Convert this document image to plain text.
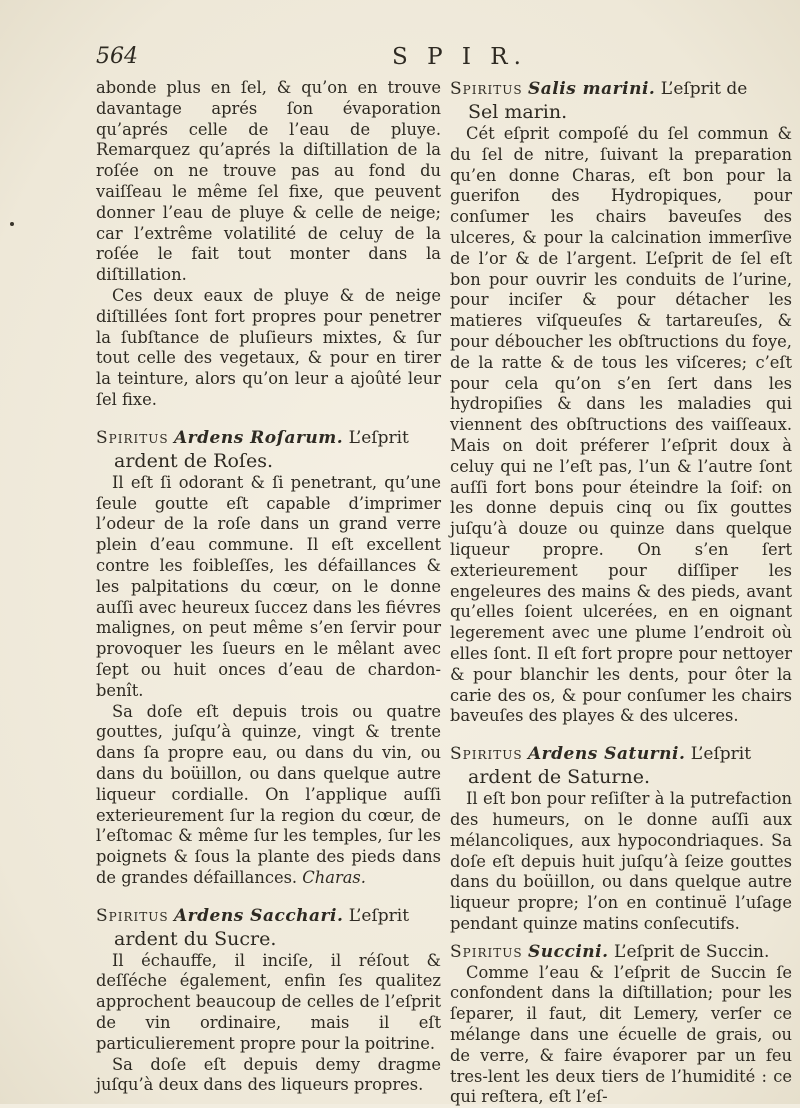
564	S P I R.

abonde plus en ſel, & qu’on en trouve davantage aprés ſon évaporation qu’aprés celle de l’eau de pluye. Remarquez qu’aprés la diſtillation de la roſée on ne trouve pas au fond du vaiſſeau le même ſel fixe, que peuvent donner l’eau de pluye & celle de neige; car l’extrême volatilité de celuy de la roſée le fait tout monter dans la diſtillation.

Ces deux eaux de pluye & de neige diſtillées ſont fort propres pour penetrer la ſubſtance de pluſieurs mixtes, & ſur tout celle des vegetaux, & pour en tirer la teinture, alors qu’on leur a ajoûté leur ſel fixe.

Spiritus Ardens Roſarum. L’eſprit
ardent de Roſes.

Il eſt ſi odorant & ſi penetrant, qu’une ſeule goutte eſt capable d’imprimer l’odeur de la roſe dans un grand verre plein d’eau commune. Il eſt excellent contre les foibleſſes, les défaillances & les palpitations du cœur, on le donne auſſi avec heureux ſuccez dans les fiévres malignes, on peut même s’en ſervir pour provoquer les ſueurs en le mêlant avec ſept ou huit onces d’eau de chardon-benît.

Sa doſe eſt depuis trois ou quatre gouttes, juſqu’à quinze, vingt & trente dans ſa propre eau, ou dans du vin, ou dans du boüillon, ou dans quelque autre liqueur cordialle. On l’applique auſſi exterieurement ſur la region du cœur, de l’eſtomac & même ſur les temples, ſur les poignets & ſous la plante des pieds dans de grandes défaillances. Charas.

Spiritus Ardens Sacchari. L’eſprit
ardent du Sucre.

Il échauffe, il inciſe, il réſout & deſſéche également, enfin ſes qualitez approchent beaucoup de celles de l’eſprit de vin ordinaire, mais il eſt particulierement propre pour la poitrine.

Sa doſe eſt depuis demy dragme juſqu’à deux dans des liqueurs propres.

Spiritus Salis marini. L’eſprit de
Sel marin.

Cét eſprit compoſé du ſel commun & du ſel de nitre, ſuivant la preparation qu’en donne Charas, eſt bon pour la guerifon des Hydropiques, pour conſumer les chairs baveuſes des ulceres, & pour la calcination immerſive de l’or & de l’argent. L’eſprit de ſel eſt bon pour ouvrir les conduits de l’urine, pour inciſer & pour détacher les matieres viſqueuſes & tartareuſes, & pour déboucher les obſtructions du foye, de la ratte & de tous les viſceres; c’eſt pour cela qu’on s’en ſert dans les hydropiſies & dans les maladies qui viennent des obſtructions des vaiſſeaux. Mais on doit préferer l’eſprit doux à celuy qui ne l’eſt pas, l’un & l’autre ſont auſſi fort bons pour éteindre la ſoif: on les donne depuis cinq ou ſix gouttes juſqu’à douze ou quinze dans quelque liqueur propre. On s’en ſert exterieurement pour diſſiper les engeleures des mains & des pieds, avant qu’elles ſoient ulcerées, en en oignant legerement avec une plume l’endroit où elles ſont. Il eſt fort propre pour nettoyer & pour blanchir les dents, pour ôter la carie des os, & pour conſumer les chairs baveuſes des playes & des ulceres.

Spiritus Ardens Saturni. L’eſprit
ardent de Saturne.

Il eſt bon pour reſiſter à la putrefaction des humeurs, on le donne auſſi aux mélancoliques, aux hypocondriaques. Sa doſe eſt depuis huit juſqu’à ſeize gouttes dans du boüillon, ou dans quelque autre liqueur propre; l’on en continuë l’uſage pendant quinze matins conſecutifs.

Spiritus Succini. L’eſprit de Succin.

Comme l’eau & l’eſprit de Succin ſe confondent dans la diſtillation; pour les ſeparer, il faut, dit Lemery, verſer ce mélange dans une écuelle de grais, ou de verre, & faire évaporer par un feu tres-lent les deux tiers de l’humidité : ce qui reſtera, eſt l’eſ-
